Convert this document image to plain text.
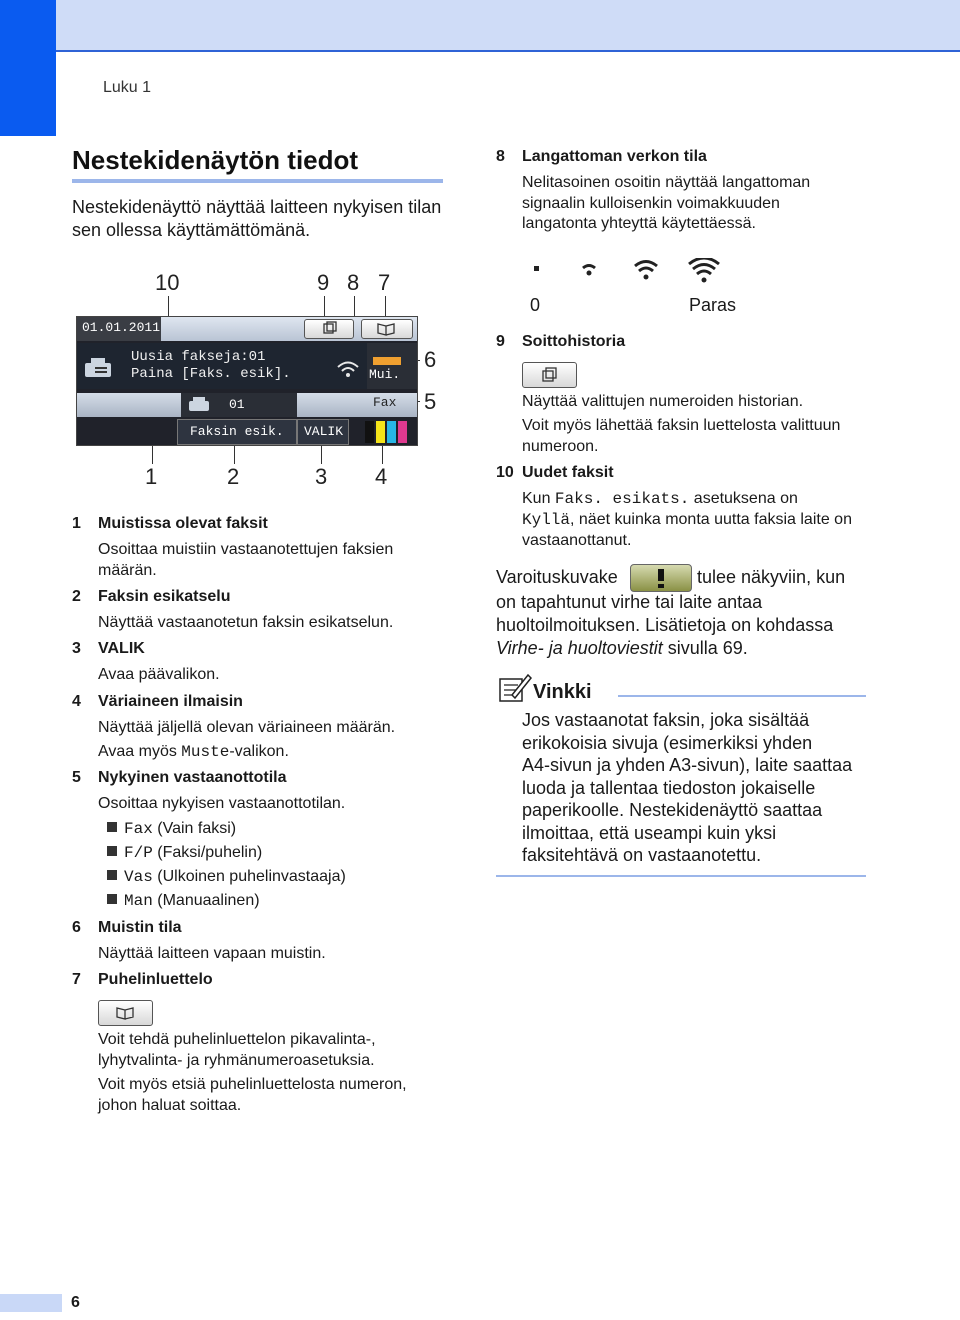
Luku 1
Nestekidenäytön tiedot
Nestekidenäyttö näyttää laitteen nykyisen tilan sen ollessa käyttämättömänä.
10	9 8 7
6
5
1	2	3 4
01.01.2011
Uusia fakseja:01
Paina [Faks. esik].	Mui.
01	Fax
Faksin esik.	VALIK
1 Muistissa olevat faksit
Osoittaa muistiin vastaanotettujen faksien
määrän.
2 Faksin esikatselu
Näyttää vastaanotetun faksin esikatselun.
3 VALIK
Avaa päävalikon.
4 Väriaineen ilmaisin
Näyttää jäljellä olevan väriaineen määrän.
Avaa myös Muste-valikon.
5 Nykyinen vastaanottotila
Osoittaa nykyisen vastaanottotilan.
Fax (Vain faksi)
F/P (Faksi/puhelin)
Vas (Ulkoinen puhelinvastaaja)
Man (Manuaalinen)
6 Muistin tila
Näyttää laitteen vapaan muistin.
7 Puhelinluettelo
Voit tehdä puhelinluettelon pikavalinta-,
lyhytvalinta- ja ryhmänumeroasetuksia.
Voit myös etsiä puhelinluettelosta numeron,
johon haluat soittaa.
8 Langattoman verkon tila
Nelitasoinen osoitin näyttää langattoman
signaalin kulloisenkin voimakkuuden
langatonta yhteyttä käytettäessä.
0	Paras
9 Soittohistoria
Näyttää valittujen numeroiden historian.
Voit myös lähettää faksin luettelosta valittuun
numeroon.
10 Uudet faksit
Kun Faks. esikats. asetuksena on
Kyllä, näet kuinka monta uutta faksia laite on
vastaanottanut.
Varoituskuvake	tulee näkyviin, kun
on tapahtunut virhe tai laite antaa
huoltoilmoituksen. Lisätietoja on kohdassa
Virhe- ja huoltoviestit sivulla 69.
Vinkki
Jos vastaanotat faksin, joka sisältää
erikokoisia sivuja (esimerkiksi yhden
A4-sivun ja yhden A3-sivun), laite saattaa
luoda ja tallentaa tiedoston jokaiselle
paperikoolle. Nestekidenäyttö saattaa
ilmoittaa, että useampi kuin yksi
faksitehtävä on vastaanotettu.
6
